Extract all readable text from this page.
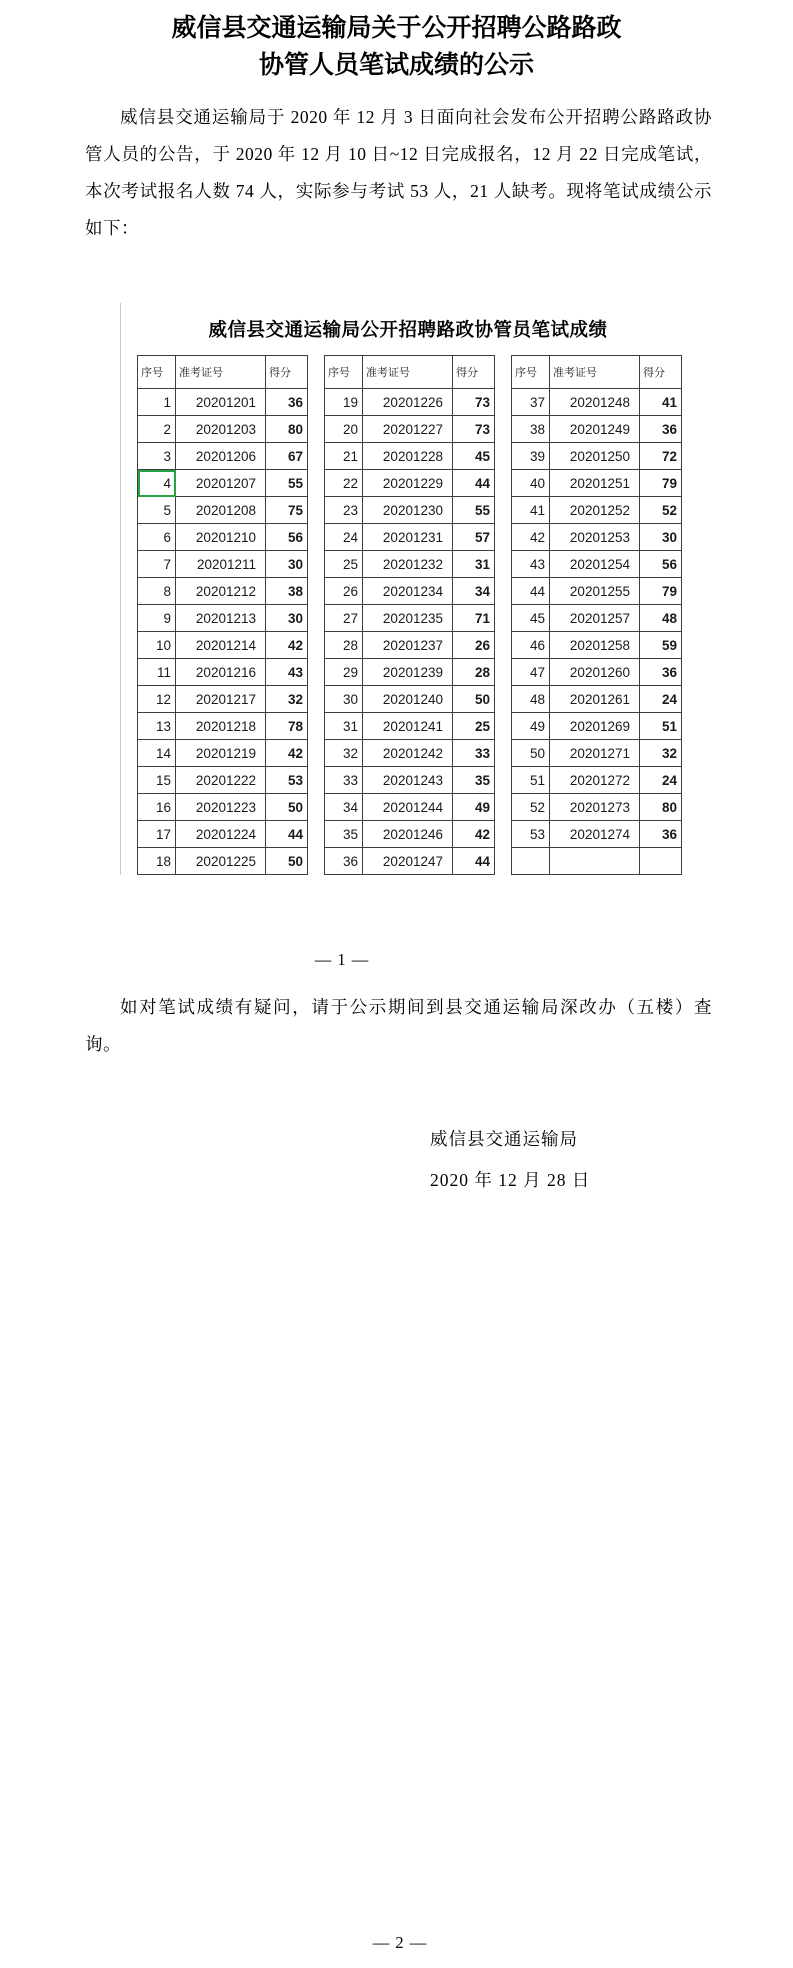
威信县交通运输局关于公开招聘公路路政
协管人员笔试成绩的公示

威信县交通运输局于 2020 年 12 月 3 日面向社会发布公开招聘公路路政协管人员的公告，于 2020 年 12 月 10 日~12 日完成报名，12 月 22 日完成笔试，本次考试报名人数 74 人，实际参与考试 53 人，21 人缺考。现将笔试成绩公示如下：

威信县交通运输局公开招聘路政协管员笔试成绩
序号	准考证号	得分
1	20201201	36
2	20201203	80
3	20201206	67
4	20201207	55
5	20201208	75
6	20201210	56
7	20201211	30
8	20201212	38
9	20201213	30
10	20201214	42
11	20201216	43
12	20201217	32
13	20201218	78
14	20201219	42
15	20201222	53
16	20201223	50
17	20201224	44
18	20201225	50
序号	准考证号	得分
19	20201226	73
20	20201227	73
21	20201228	45
22	20201229	44
23	20201230	55
24	20201231	57
25	20201232	31
26	20201234	34
27	20201235	71
28	20201237	26
29	20201239	28
30	20201240	50
31	20201241	25
32	20201242	33
33	20201243	35
34	20201244	49
35	20201246	42
36	20201247	44
序号	准考证号	得分
37	20201248	41
38	20201249	36
39	20201250	72
40	20201251	79
41	20201252	52
42	20201253	30
43	20201254	56
44	20201255	79
45	20201257	48
46	20201258	59
47	20201260	36
48	20201261	24
49	20201269	51
50	20201271	32
51	20201272	24
52	20201273	80
53	20201274	36

— 1 —

如对笔试成绩有疑问，请于公示期间到县交通运输局深改办（五楼）查询。

威信县交通运输局
2020 年 12 月 28 日
— 2 —
